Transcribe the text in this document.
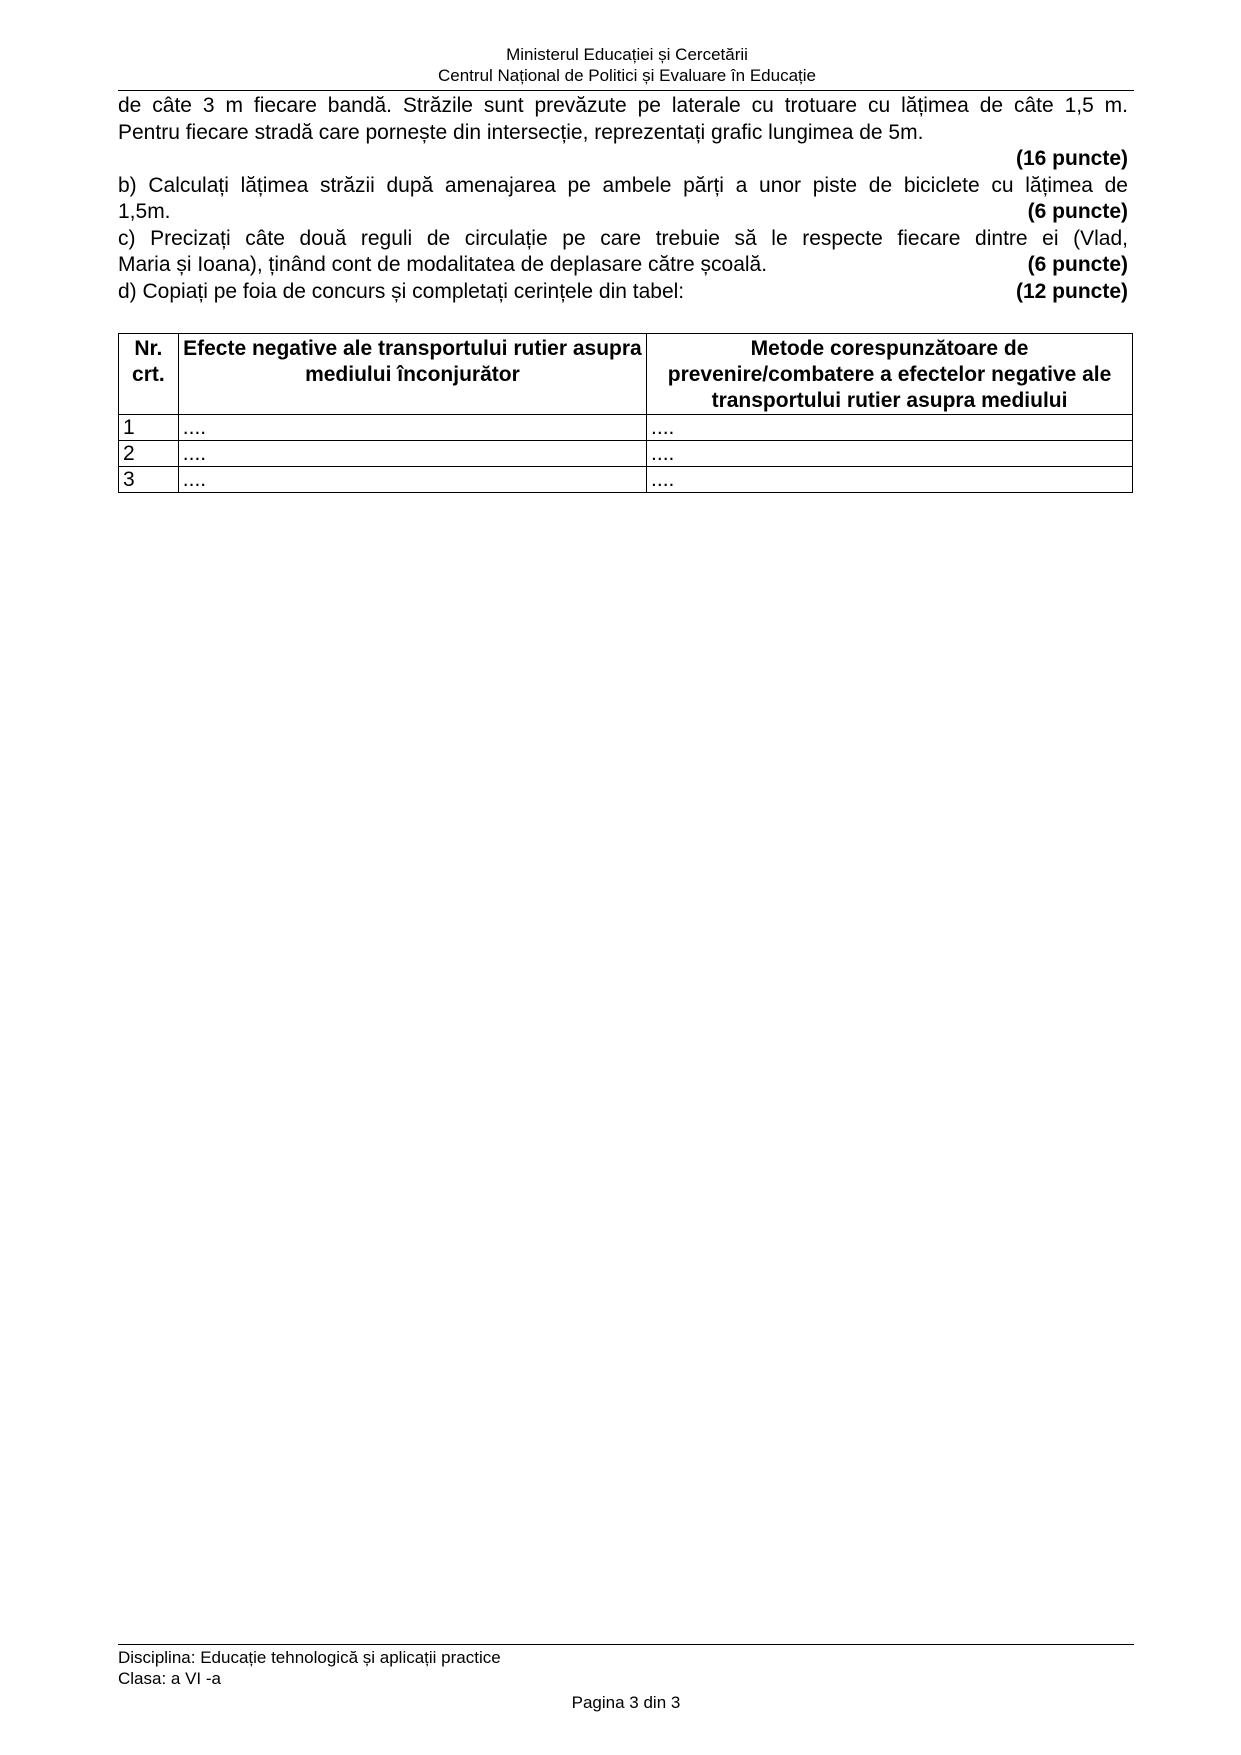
Ministerul Educației și Cercetării
Centrul Național de Politici și Evaluare în Educație
de câte 3 m fiecare bandă. Străzile sunt prevăzute pe laterale cu trotuare cu lățimea de câte 1,5 m.
Pentru fiecare stradă care pornește din intersecție, reprezentați grafic lungimea de 5m.
(16 puncte)
b) Calculați lățimea străzii după amenajarea pe ambele părți a unor piste de biciclete cu lățimea de
1,5m.	(6 puncte)
c) Precizați câte două reguli de circulație pe care trebuie să le respecte fiecare dintre ei (Vlad,
Maria și Ioana), ținând cont de modalitatea de deplasare către școală.	(6 puncte)
d) Copiați pe foia de concurs și completați cerințele din tabel:	(12 puncte)
Nr. crt.	Efecte negative ale transportului rutier asupra mediului înconjurător	Metode corespunzătoare de prevenire/combatere a efectelor negative ale transportului rutier asupra mediului
1	....	....
2	....	....
3	....	....
Disciplina: Educație tehnologică și aplicații practice
Clasa: a VI -a
Pagina 3 din 3
